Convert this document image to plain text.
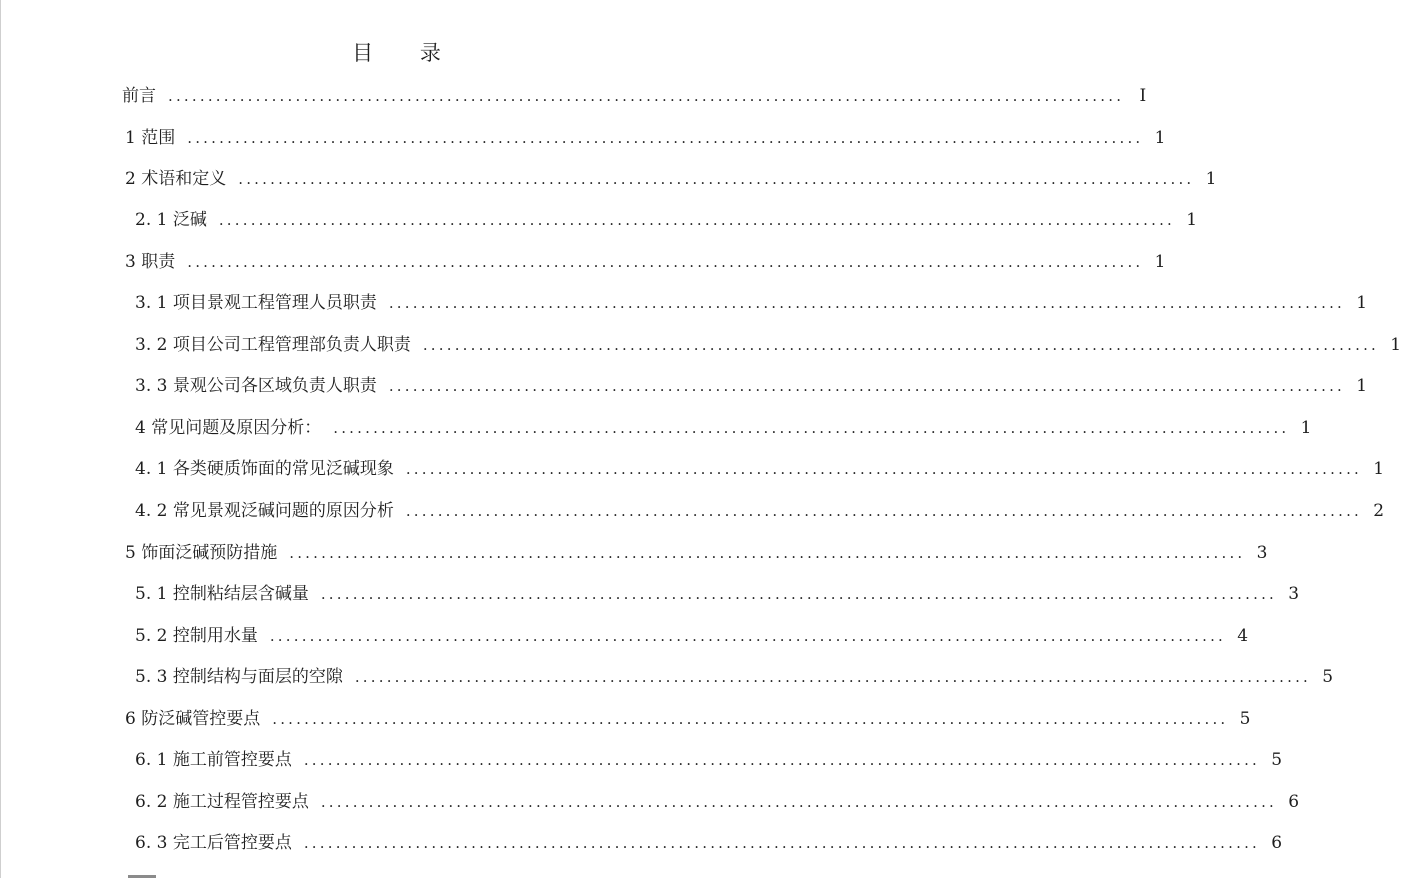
目 录
前言 ........................................................................................................................ I
1 范围 ........................................................................................................................ 1
2 术语和定义 ........................................................................................................................ 1
2. 1 泛碱 ........................................................................................................................ 1
3 职责 ........................................................................................................................ 1
3. 1 项目景观工程管理人员职责 ........................................................................................................................ 1
3. 2 项目公司工程管理部负责人职责 ........................................................................................................................ 1
3. 3 景观公司各区域负责人职责 ........................................................................................................................ 1
4 常见问题及原因分析： ........................................................................................................................ 1
4. 1 各类硬质饰面的常见泛碱现象 ........................................................................................................................ 1
4. 2 常见景观泛碱问题的原因分析 ........................................................................................................................ 2
5 饰面泛碱预防措施 ........................................................................................................................ 3
5. 1 控制粘结层含碱量 ........................................................................................................................ 3
5. 2 控制用水量 ........................................................................................................................ 4
5. 3 控制结构与面层的空隙 ........................................................................................................................ 5
6 防泛碱管控要点 ........................................................................................................................ 5
6. 1 施工前管控要点 ........................................................................................................................ 5
6. 2 施工过程管控要点 ........................................................................................................................ 6
6. 3 完工后管控要点 ........................................................................................................................ 6
